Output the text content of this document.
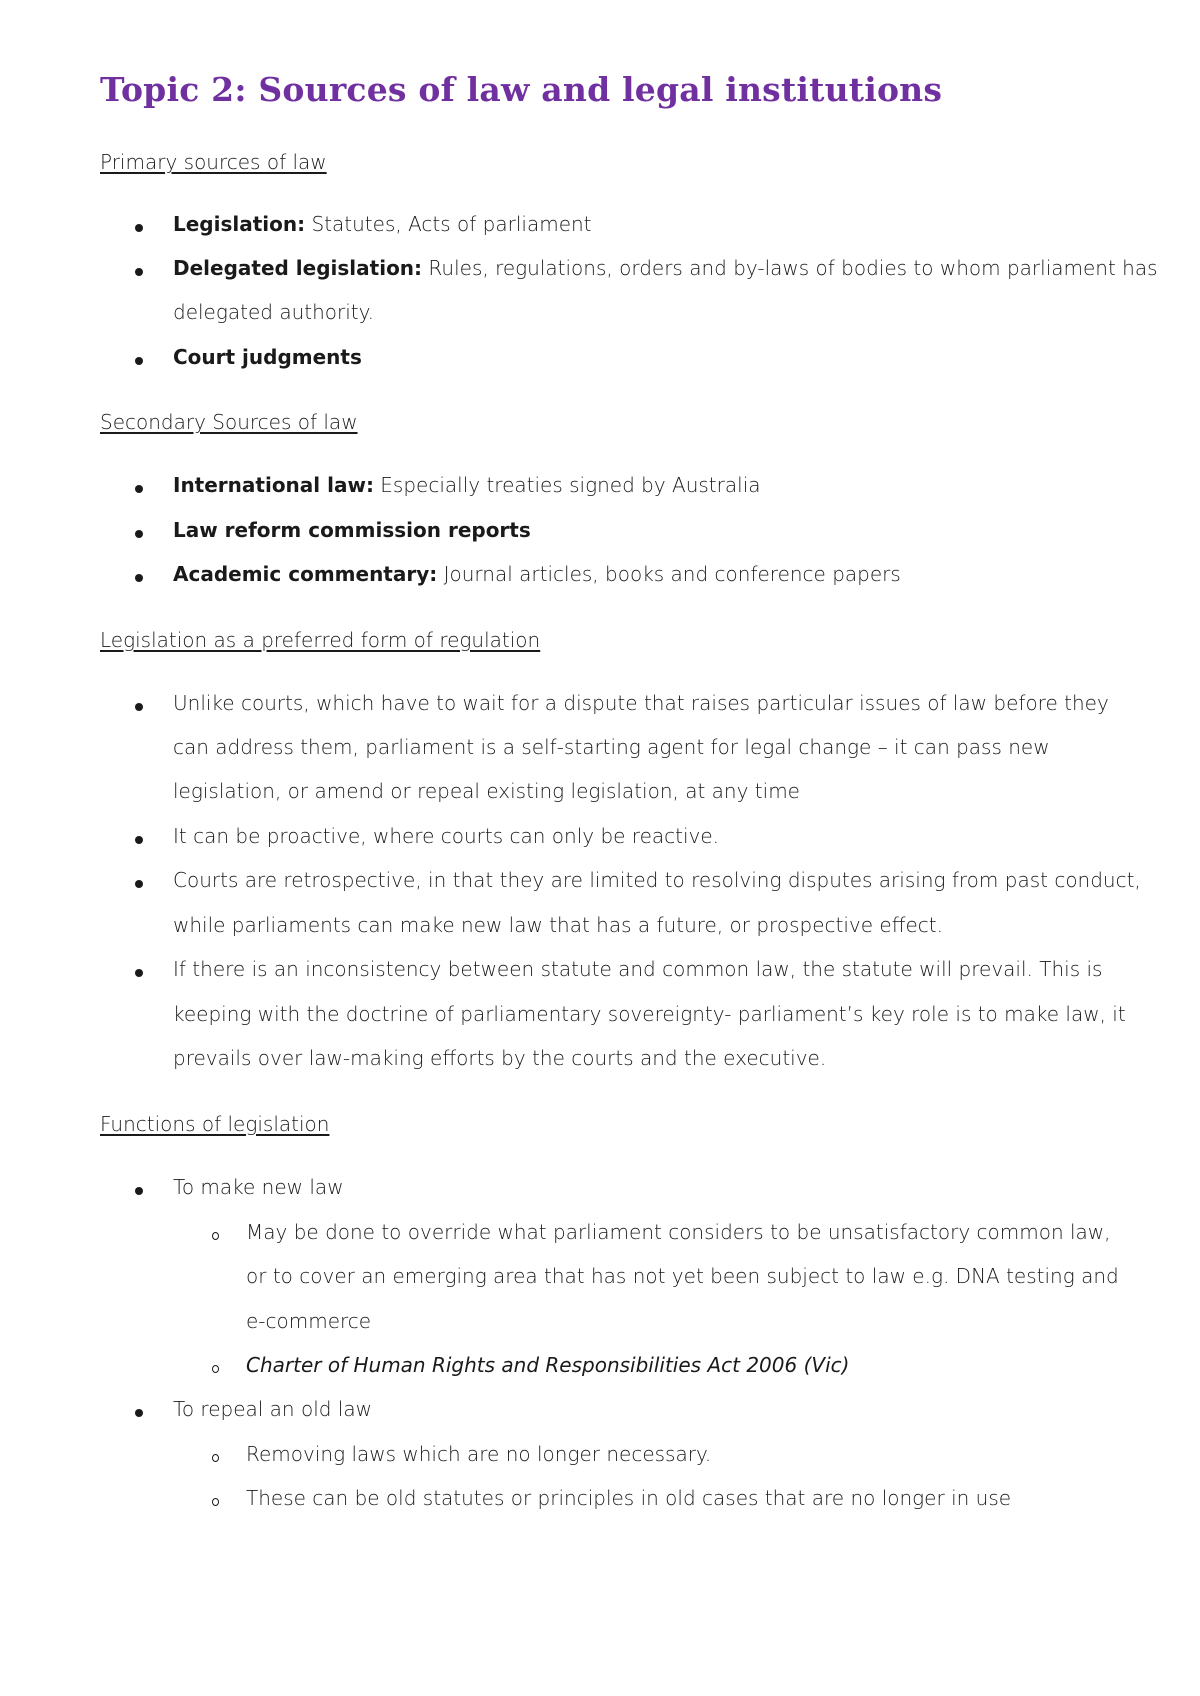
Topic 2: Sources of law and legal institutions
Primary sources of law
Legislation: Statutes, Acts of parliament
Delegated legislation: Rules, regulations, orders and by-laws of bodies to whom parliament has
delegated authority.
Court judgments
Secondary Sources of law
International law: Especially treaties signed by Australia
Law reform commission reports
Academic commentary: Journal articles, books and conference papers
Legislation as a preferred form of regulation
Unlike courts, which have to wait for a dispute that raises particular issues of law before they
can address them, parliament is a self-starting agent for legal change – it can pass new
legislation, or amend or repeal existing legislation, at any time
It can be proactive, where courts can only be reactive.
Courts are retrospective, in that they are limited to resolving disputes arising from past conduct,
while parliaments can make new law that has a future, or prospective effect.
If there is an inconsistency between statute and common law, the statute will prevail. This is
keeping with the doctrine of parliamentary sovereignty- parliament’s key role is to make law, it
prevails over law-making efforts by the courts and the executive.
Functions of legislation
To make new law
May be done to override what parliament considers to be unsatisfactory common law,
or to cover an emerging area that has not yet been subject to law e.g. DNA testing and
e-commerce
Charter of Human Rights and Responsibilities Act 2006 (Vic)
To repeal an old law
Removing laws which are no longer necessary.
These can be old statutes or principles in old cases that are no longer in use
